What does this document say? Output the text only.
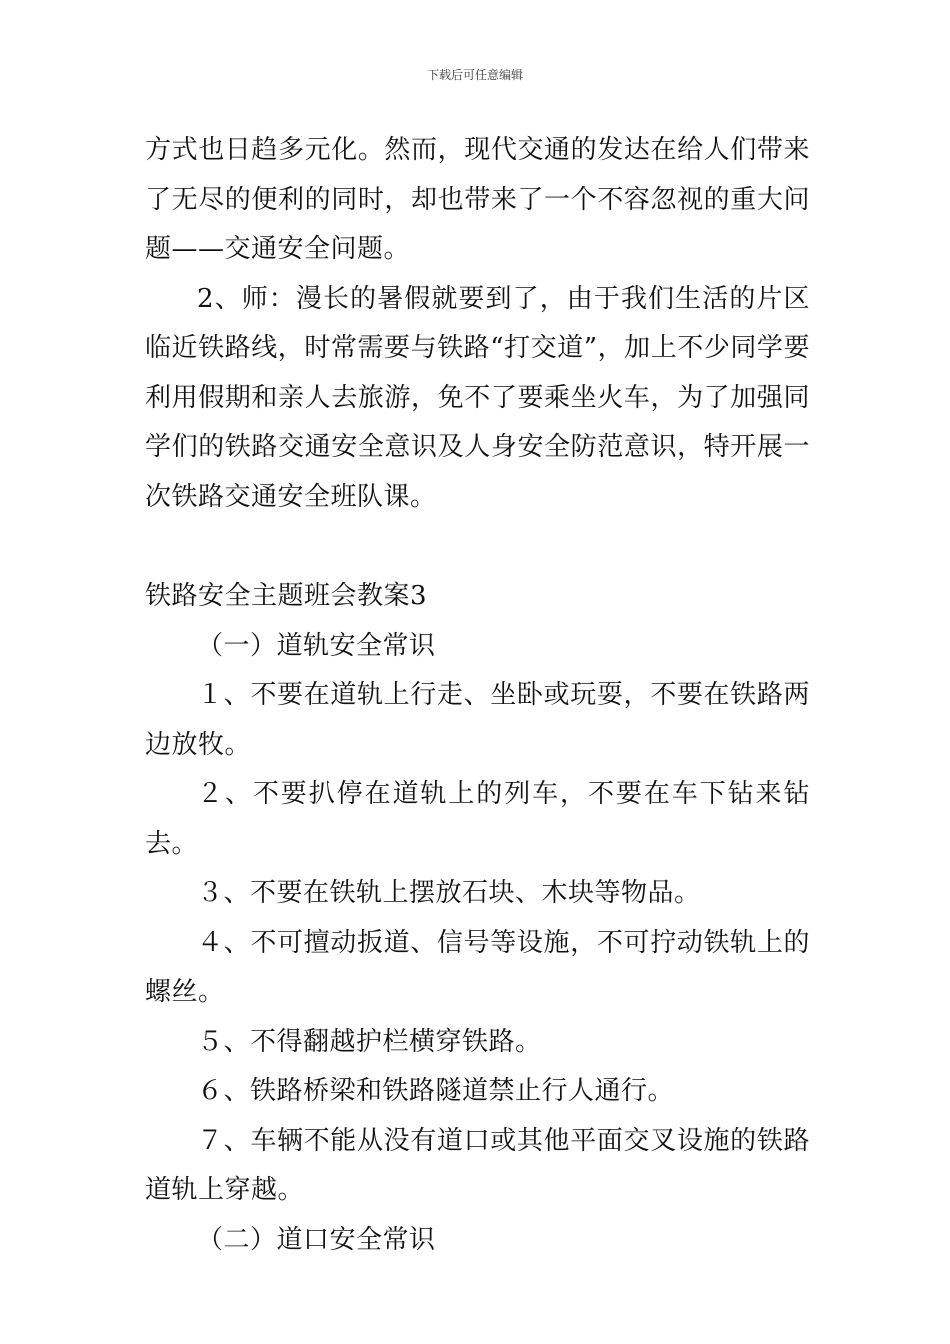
下载后可任意编辑

方式也日趋多元化。然而，现代交通的发达在给人们带来了无尽的便利的同时，却也带来了一个不容忽视的重大问题——交通安全问题。

2、师：漫长的暑假就要到了，由于我们生活的片区临近铁路线，时常需要与铁路“打交道”，加上不少同学要利用假期和亲人去旅游，免不了要乘坐火车，为了加强同学们的铁路交通安全意识及人身安全防范意识，特开展一次铁路交通安全班队课。

铁路安全主题班会教案3

（一）道轨安全常识

１、不要在道轨上行走、坐卧或玩耍，不要在铁路两边放牧。

２、不要扒停在道轨上的列车，不要在车下钻来钻去。

３、不要在铁轨上摆放石块、木块等物品。

４、不可擅动扳道、信号等设施，不可拧动铁轨上的螺丝。

５、不得翻越护栏横穿铁路。

６、铁路桥梁和铁路隧道禁止行人通行。

７、车辆不能从没有道口或其他平面交叉设施的铁路道轨上穿越。

（二）道口安全常识
